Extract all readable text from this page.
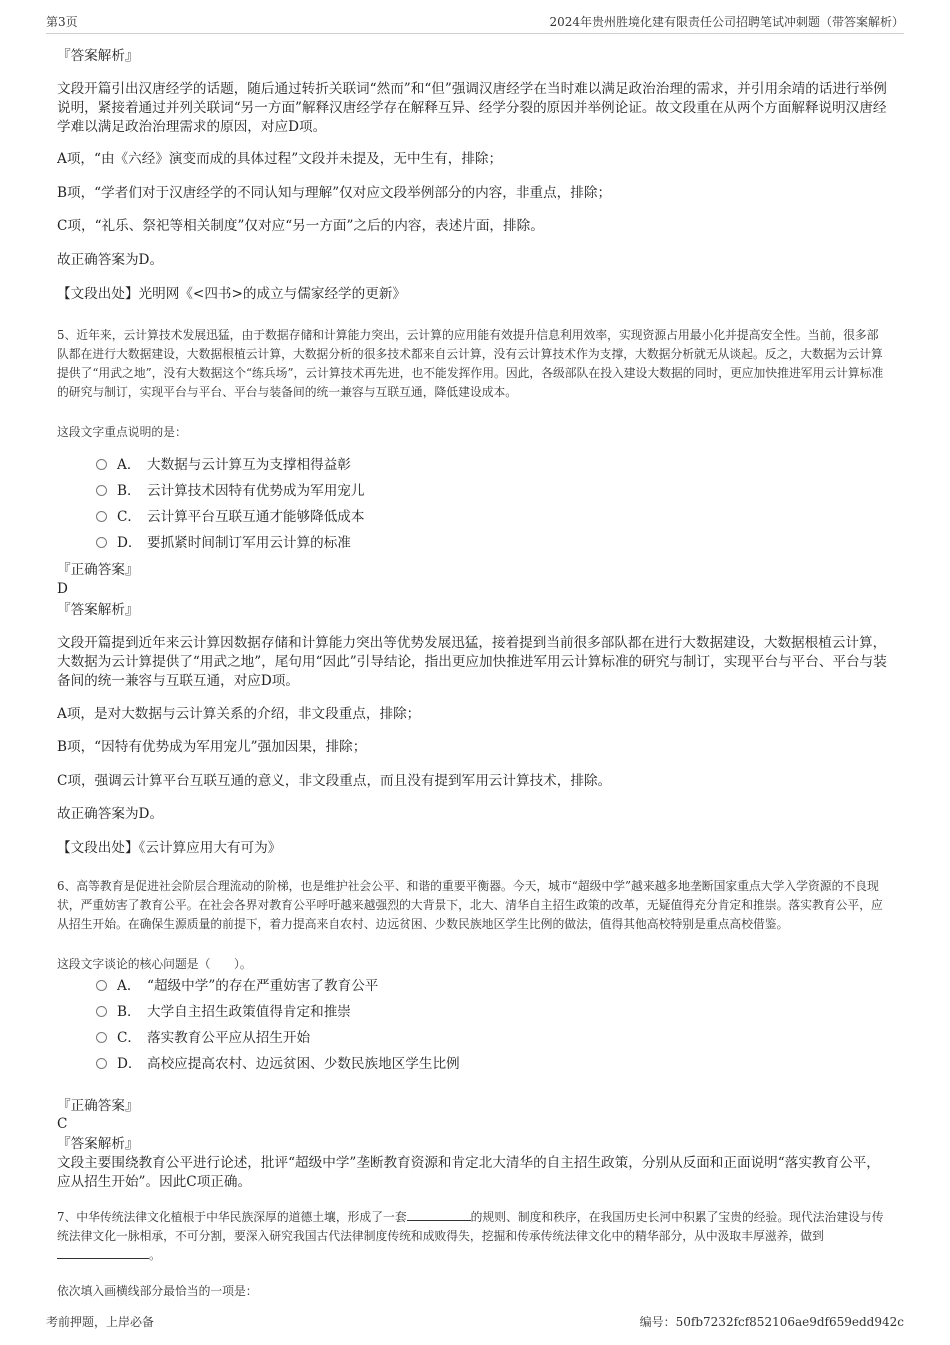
第3页	2024年贵州胜境化建有限责任公司招聘笔试冲刺题（带答案解析）
『答案解析』
文段开篇引出汉唐经学的话题，随后通过转折关联词“然而”和“但”强调汉唐经学在当时难以满足政治治理的需求，并引用余靖的话进行举例说明，紧接着通过并列关联词“另一方面”解释汉唐经学存在解释互异、经学分裂的原因并举例论证。故文段重在从两个方面解释说明汉唐经学难以满足政治治理需求的原因，对应D项。
A项，“由《六经》演变而成的具体过程”文段并未提及，无中生有，排除；
B项，“学者们对于汉唐经学的不同认知与理解”仅对应文段举例部分的内容，非重点，排除；
C项，“礼乐、祭祀等相关制度”仅对应“另一方面”之后的内容，表述片面，排除。
故正确答案为D。
【文段出处】光明网《<四书>的成立与儒家经学的更新》
5、近年来，云计算技术发展迅猛，由于数据存储和计算能力突出，云计算的应用能有效提升信息利用效率，实现资源占用最小化并提高安全性。当前，很多部队都在进行大数据建设，大数据根植云计算，大数据分析的很多技术都来自云计算，没有云计算技术作为支撑，大数据分析就无从谈起。反之，大数据为云计算提供了“用武之地”，没有大数据这个“练兵场”，云计算技术再先进，也不能发挥作用。因此，各级部队在投入建设大数据的同时，更应加快推进军用云计算标准的研究与制订，实现平台与平台、平台与装备间的统一兼容与互联互通，降低建设成本。
这段文字重点说明的是：
A． 大数据与云计算互为支撑相得益彰
B． 云计算技术因特有优势成为军用宠儿
C． 云计算平台互联互通才能够降低成本
D． 要抓紧时间制订军用云计算的标准
『正确答案』
D
『答案解析』
文段开篇提到近年来云计算因数据存储和计算能力突出等优势发展迅猛，接着提到当前很多部队都在进行大数据建设，大数据根植云计算，大数据为云计算提供了“用武之地”，尾句用“因此”引导结论，指出更应加快推进军用云计算标准的研究与制订，实现平台与平台、平台与装备间的统一兼容与互联互通，对应D项。
A项，是对大数据与云计算关系的介绍，非文段重点，排除；
B项，“因特有优势成为军用宠儿”强加因果，排除；
C项，强调云计算平台互联互通的意义，非文段重点，而且没有提到军用云计算技术，排除。
故正确答案为D。
【文段出处】《云计算应用大有可为》
6、高等教育是促进社会阶层合理流动的阶梯，也是维护社会公平、和谐的重要平衡器。今天，城市“超级中学”越来越多地垄断国家重点大学入学资源的不良现状，严重妨害了教育公平。在社会各界对教育公平呼吁越来越强烈的大背景下，北大、清华自主招生政策的改革，无疑值得充分肯定和推崇。落实教育公平，应从招生开始。在确保生源质量的前提下，着力提高来自农村、边远贫困、少数民族地区学生比例的做法，值得其他高校特别是重点高校借鉴。
这段文字谈论的核心问题是（　　）。
A． “超级中学”的存在严重妨害了教育公平
B． 大学自主招生政策值得肯定和推崇
C． 落实教育公平应从招生开始
D． 高校应提高农村、边远贫困、少数民族地区学生比例
『正确答案』
C
『答案解析』
文段主要围绕教育公平进行论述，批评“超级中学”垄断教育资源和肯定北大清华的自主招生政策，分别从反面和正面说明“落实教育公平，应从招生开始”。因此C项正确。
7、中华传统法律文化植根于中华民族深厚的道德土壤，形成了一套	的规则、制度和秩序，在我国历史长河中积累了宝贵的经验。现代法治建设与传统法律文化一脉相承，不可分割，要深入研究我国古代法律制度传统和成败得失，挖掘和传承传统法律文化中的精华部分，从中汲取丰厚滋养，做到。
依次填入画横线部分最恰当的一项是：
考前押题，上岸必备	编号：50fb7232fcf852106ae9df659edd942c
